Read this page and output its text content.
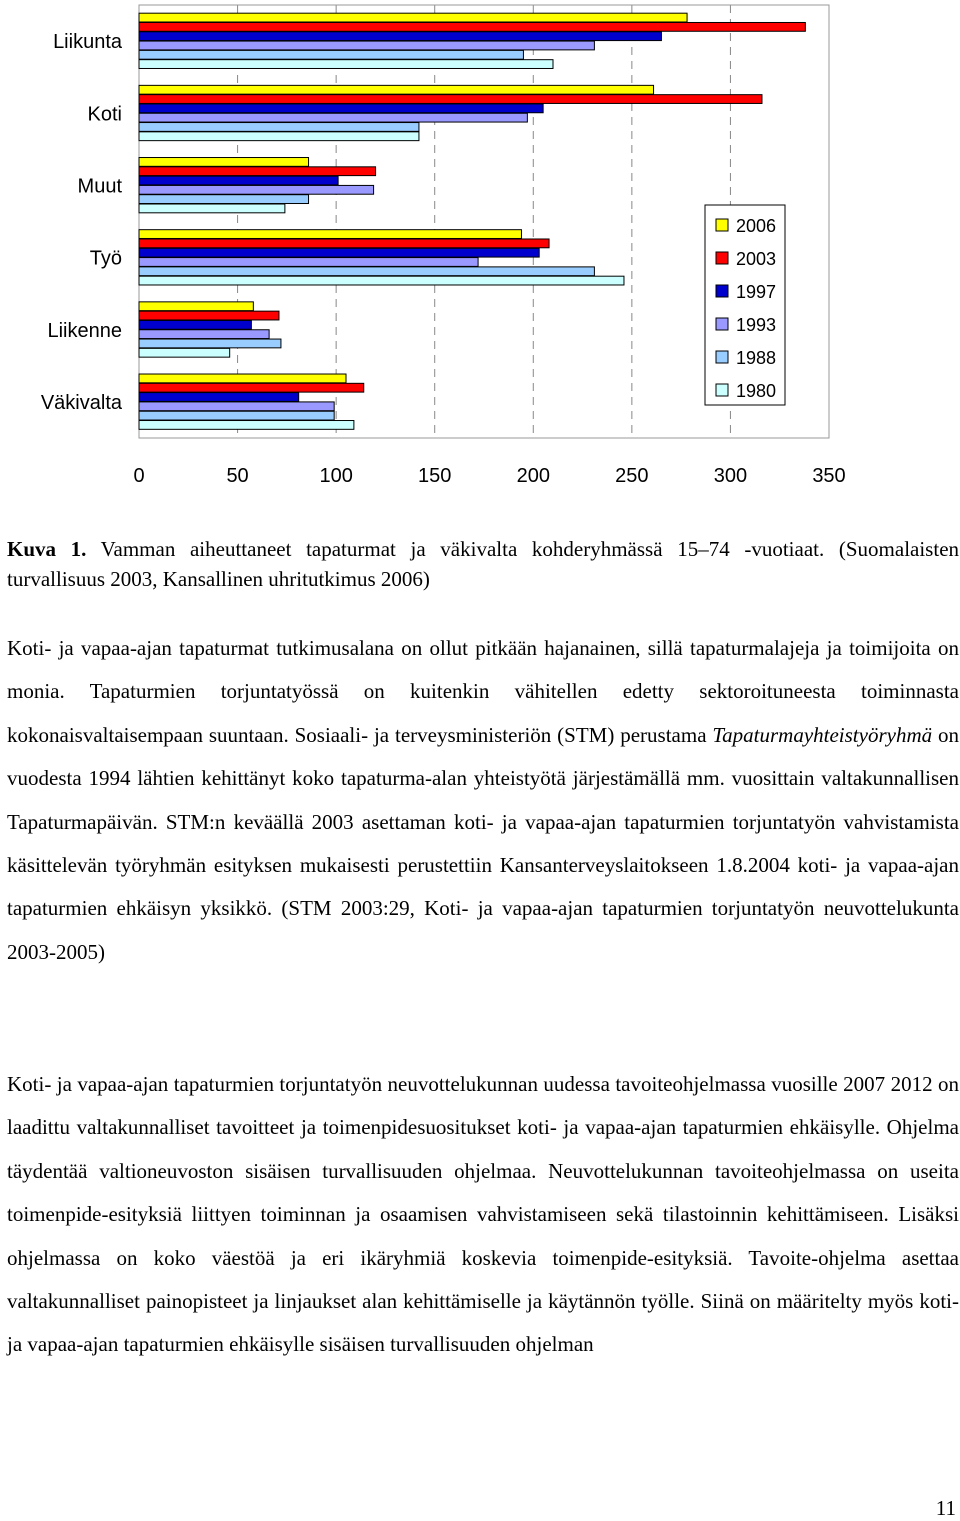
Liikunta
Koti
Muut
Työ
Liikenne
Väkivalta
0	50	100	150	200	250	300	350
2006
2003
1997
1993
1988
1980
Kuva 1. Vamman aiheuttaneet tapaturmat ja väkivalta kohderyhmässä 15–74 -vuotiaat. (Suomalaisten turvallisuus 2003, Kansallinen uhritutkimus 2006)

Koti- ja vapaa-ajan tapaturmat tutkimusalana on ollut pitkään hajanainen, sillä tapaturmalajeja ja toimijoita on monia. Tapaturmien torjuntatyössä on kuitenkin vähitellen edetty sektoroituneesta toiminnasta kokonaisvaltaisempaan suuntaan. Sosiaali- ja terveysministeriön (STM) perustama Tapaturmayhteistyöryhmä on vuodesta 1994 lähtien kehittänyt koko tapaturma-alan yhteistyötä järjestämällä mm. vuosittain valtakunnallisen Tapaturmapäivän. STM:n keväällä 2003 asettaman koti- ja vapaa-ajan tapaturmien torjuntatyön vahvistamista käsittelevän työryhmän esityksen mukaisesti perustettiin Kansanterveyslaitokseen 1.8.2004 koti- ja vapaa-ajan tapaturmien ehkäisyn yksikkö. (STM 2003:29, Koti- ja vapaa-ajan tapaturmien torjuntatyön neuvottelukunta 2003-2005)

Koti- ja vapaa-ajan tapaturmien torjuntatyön neuvottelukunnan uudessa tavoiteohjelmassa vuosille 2007 2012 on laadittu valtakunnalliset tavoitteet ja toimenpidesuositukset koti- ja vapaa-ajan tapaturmien ehkäisylle. Ohjelma täydentää valtioneuvoston sisäisen turvallisuuden ohjelmaa. Neuvottelukunnan tavoiteohjelmassa on useita toimenpide-esityksiä liittyen toiminnan ja osaamisen vahvistamiseen sekä tilastoinnin kehittämiseen. Lisäksi ohjelmassa on koko väestöä ja eri ikäryhmiä koskevia toimenpide-esityksiä. Tavoite-ohjelma asettaa valtakunnalliset painopisteet ja linjaukset alan kehittämiselle ja käytännön työlle. Siinä on määritelty myös koti- ja vapaa-ajan tapaturmien ehkäisylle sisäisen turvallisuuden ohjelman

11
